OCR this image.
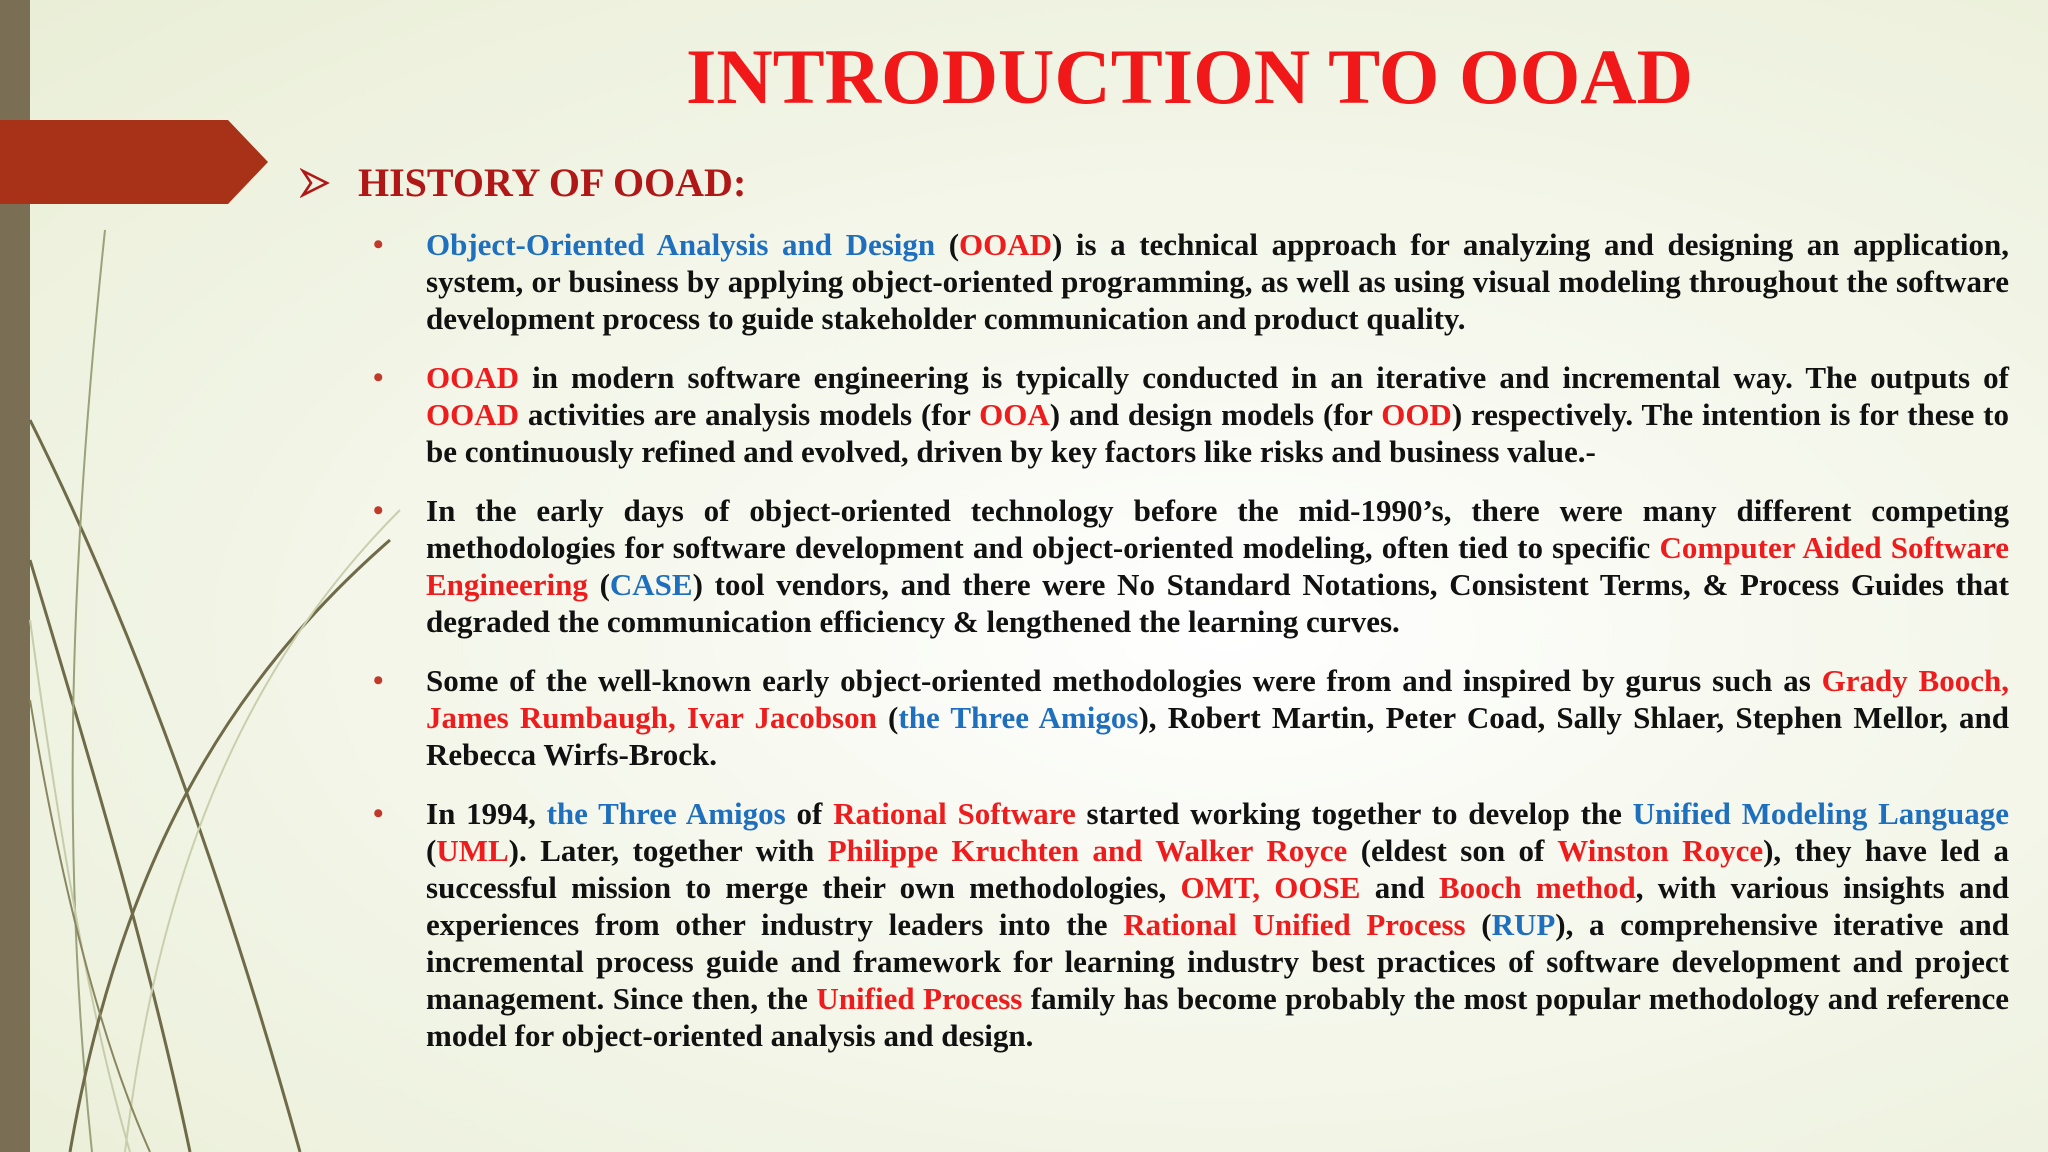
INTRODUCTION TO OOAD
HISTORY OF OOAD:
• Object-Oriented Analysis and Design (OOAD) is a technical approach for analyzing and designing an application, system, or business by applying object-oriented programming, as well as using visual modeling throughout the software development process to guide stakeholder communication and product quality.

• OOAD in modern software engineering is typically conducted in an iterative and incremental way. The outputs of OOAD activities are analysis models (for OOA) and design models (for OOD) respectively. The intention is for these to be continuously refined and evolved, driven by key factors like risks and business value.-

• In the early days of object-oriented technology before the mid-1990’s, there were many different competing methodologies for software development and object-oriented modeling, often tied to specific Computer Aided Software Engineering (CASE) tool vendors, and there were No Standard Notations, Consistent Terms, & Process Guides that degraded the communication efficiency & lengthened the learning curves.

• Some of the well-known early object-oriented methodologies were from and inspired by gurus such as Grady Booch, James Rumbaugh, Ivar Jacobson (the Three Amigos), Robert Martin, Peter Coad, Sally Shlaer, Stephen Mellor, and Rebecca Wirfs-Brock.

• In 1994, the Three Amigos of Rational Software started working together to develop the Unified Modeling Language (UML). Later, together with Philippe Kruchten and Walker Royce (eldest son of Winston Royce), they have led a successful mission to merge their own methodologies, OMT, OOSE and Booch method, with various insights and experiences from other industry leaders into the Rational Unified Process (RUP), a comprehensive iterative and incremental process guide and framework for learning industry best practices of software development and project management. Since then, the Unified Process family has become probably the most popular methodology and reference model for object-oriented analysis and design.
